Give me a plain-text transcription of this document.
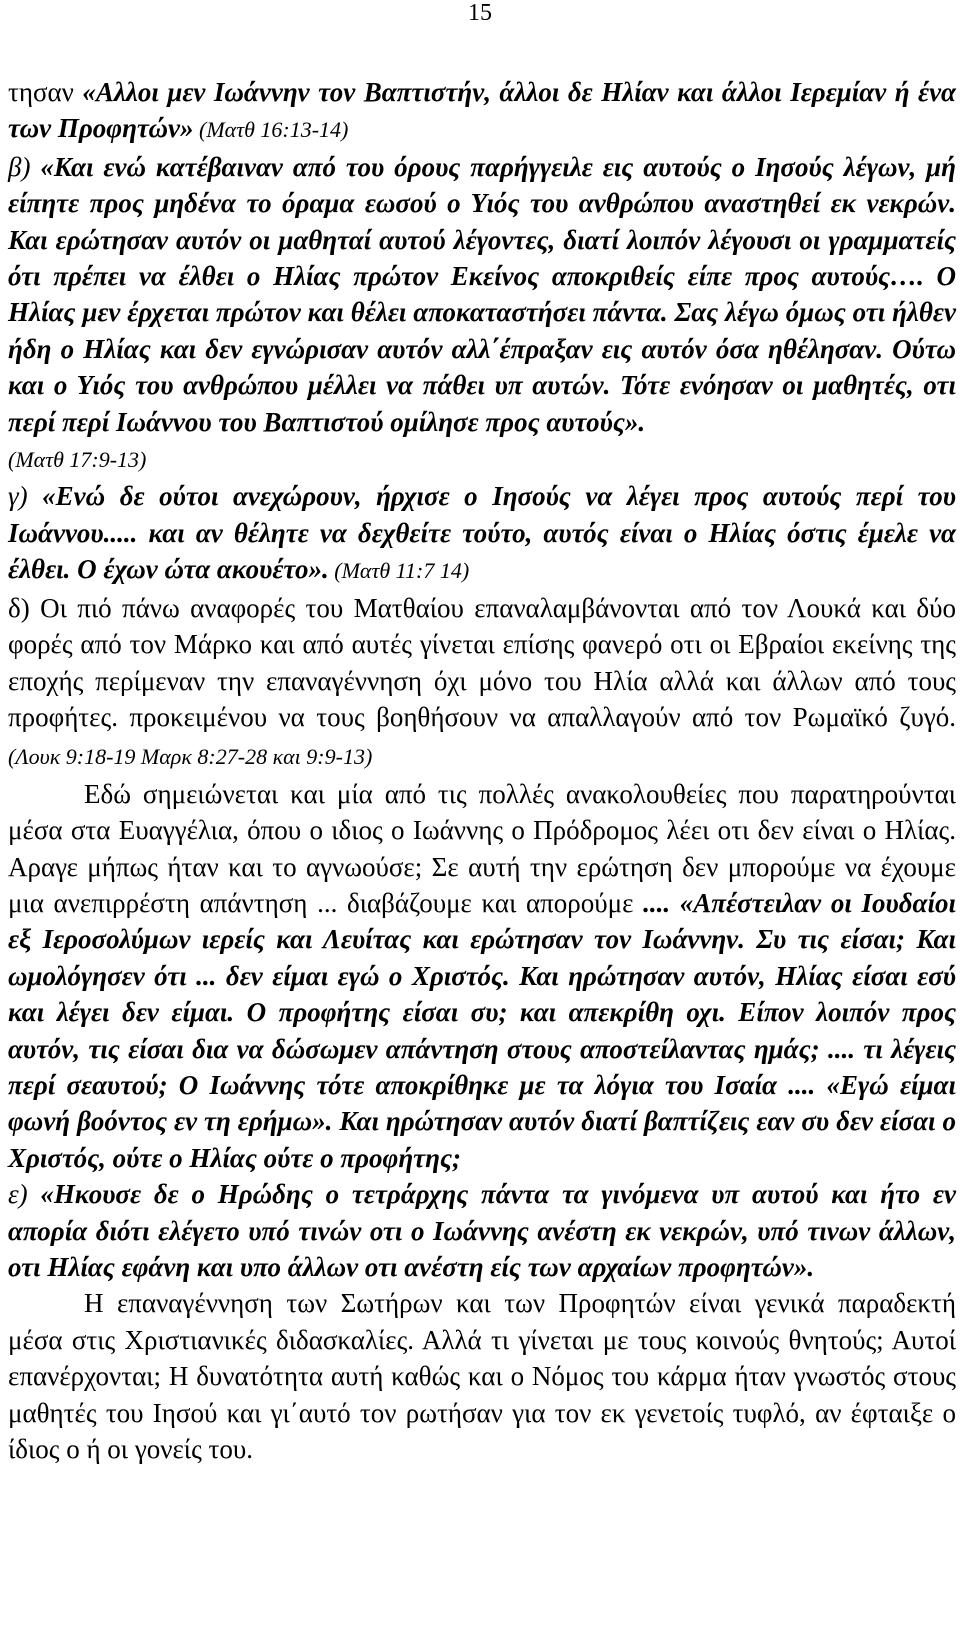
15

τησαν «Αλλοι μεν Ιωάννην τον Βαπτιστήν, άλλοι δε Ηλίαν και άλλοι Ιερεμίαν ή ένα των Προφητών» (Ματθ 16:13-14)

β) «Και ενώ κατέβαιναν από του όρους παρήγγειλε εις αυτούς ο Ιησούς λέγων, μή είπητε προς μηδένα το όραμα εωσού ο Υιός του ανθρώπου αναστηθεί εκ νεκρών. Και ερώτησαν αυτόν οι μαθηταί αυτού λέγοντες, διατί λοιπόν λέγουσι οι γραμματείς ότι πρέπει να έλθει ο Ηλίας πρώτον Εκείνος αποκριθείς είπε προς αυτούς…. Ο Ηλίας μεν έρχεται πρώτον και θέλει αποκαταστήσει πάντα. Σας λέγω όμως οτι ήλθεν ήδη ο Ηλίας και δεν εγνώρισαν αυτόν αλλ΄έπραξαν εις αυτόν όσα ηθέλησαν. Ούτω και ο Υιός του ανθρώπου μέλλει να πάθει υπ αυτών. Τότε ενόησαν οι μαθητές, οτι περί περί Ιωάννου του Βαπτιστού ομίλησε προς αυτούς».
(Ματθ 17:9-13)

γ) «Ενώ δε ούτοι ανεχώρουν, ήρχισε ο Ιησούς να λέγει προς αυτούς περί του Ιωάννου..... και αν θέλητε να δεχθείτε τούτο, αυτός είναι ο Ηλίας όστις έμελε να έλθει. Ο έχων ώτα ακουέτο». (Ματθ 11:7 14)

δ) Οι πιό πάνω αναφορές του Ματθαίου επαναλαμβάνονται από τον Λουκά και δύο φορές από τον Μάρκο και από αυτές γίνεται επίσης φανερό οτι οι Εβραίοι εκείνης της εποχής περίμεναν την επαναγέννηση όχι μόνο του Ηλία αλλά και άλλων από τους προφήτες. προκειμένου να τους βοηθήσουν να απαλλαγούν από τον Ρωμαϊκό ζυγό. (Λουκ 9:18-19 Μαρκ 8:27-28 και 9:9-13)

Εδώ σημειώνεται και μία από τις πολλές ανακολουθείες που παρατηρούνται μέσα στα Ευαγγέλια, όπου ο ιδιος ο Ιωάννης ο Πρόδρομος λέει οτι δεν είναι ο Ηλίας. Αραγε μήπως ήταν και το αγνωούσε; Σε αυτή την ερώτηση δεν μπορούμε να έχουμε μια ανεπιρρέστη απάντηση ... διαβάζουμε και απορούμε .... «Απέστειλαν οι Ιουδαίοι εξ Ιεροσολύμων ιερείς και Λευίτας και ερώτησαν τον Ιωάννην. Συ τις είσαι; Και ωμολόγησεν ότι ... δεν είμαι εγώ ο Χριστός. Και ηρώτησαν αυτόν, Ηλίας είσαι εσύ και λέγει δεν είμαι. Ο προφήτης είσαι συ; και απεκρίθη οχι. Είπον λοιπόν προς αυτόν, τις είσαι δια να δώσωμεν απάντηση στους αποστείλαντας ημάς; .... τι λέγεις περί σεαυτού; Ο Ιωάννης τότε αποκρίθηκε με τα λόγια του Ισαία .... «Εγώ είμαι φωνή βοόντος εν τη ερήμω». Και ηρώτησαν αυτόν διατί βαπτίζεις εαν συ δεν είσαι ο Χριστός, ούτε ο Ηλίας ούτε ο προφήτης;

ε) «Ηκουσε δε ο Ηρώδης ο τετράρχης πάντα τα γινόμενα υπ αυτού και ήτο εν απορία διότι ελέγετο υπό τινών οτι ο Ιωάννης ανέστη εκ νεκρών, υπό τινων άλλων, οτι Ηλίας εφάνη και υπο άλλων οτι ανέστη είς των αρχαίων προφητών».

Η επαναγέννηση των Σωτήρων και των Προφητών είναι γενικά παραδεκτή μέσα στις Χριστιανικές διδασκαλίες. Αλλά τι γίνεται με τους κοινούς θνητούς; Αυτοί επανέρχονται; Η δυνατότητα αυτή καθώς και ο Νόμος του κάρμα ήταν γνωστός στους μαθητές του Ιησού και γι΄αυτό τον ρωτήσαν για τον εκ γενετοίς τυφλό, αν έφταιξε ο ίδιος ο ή οι γονείς του.
